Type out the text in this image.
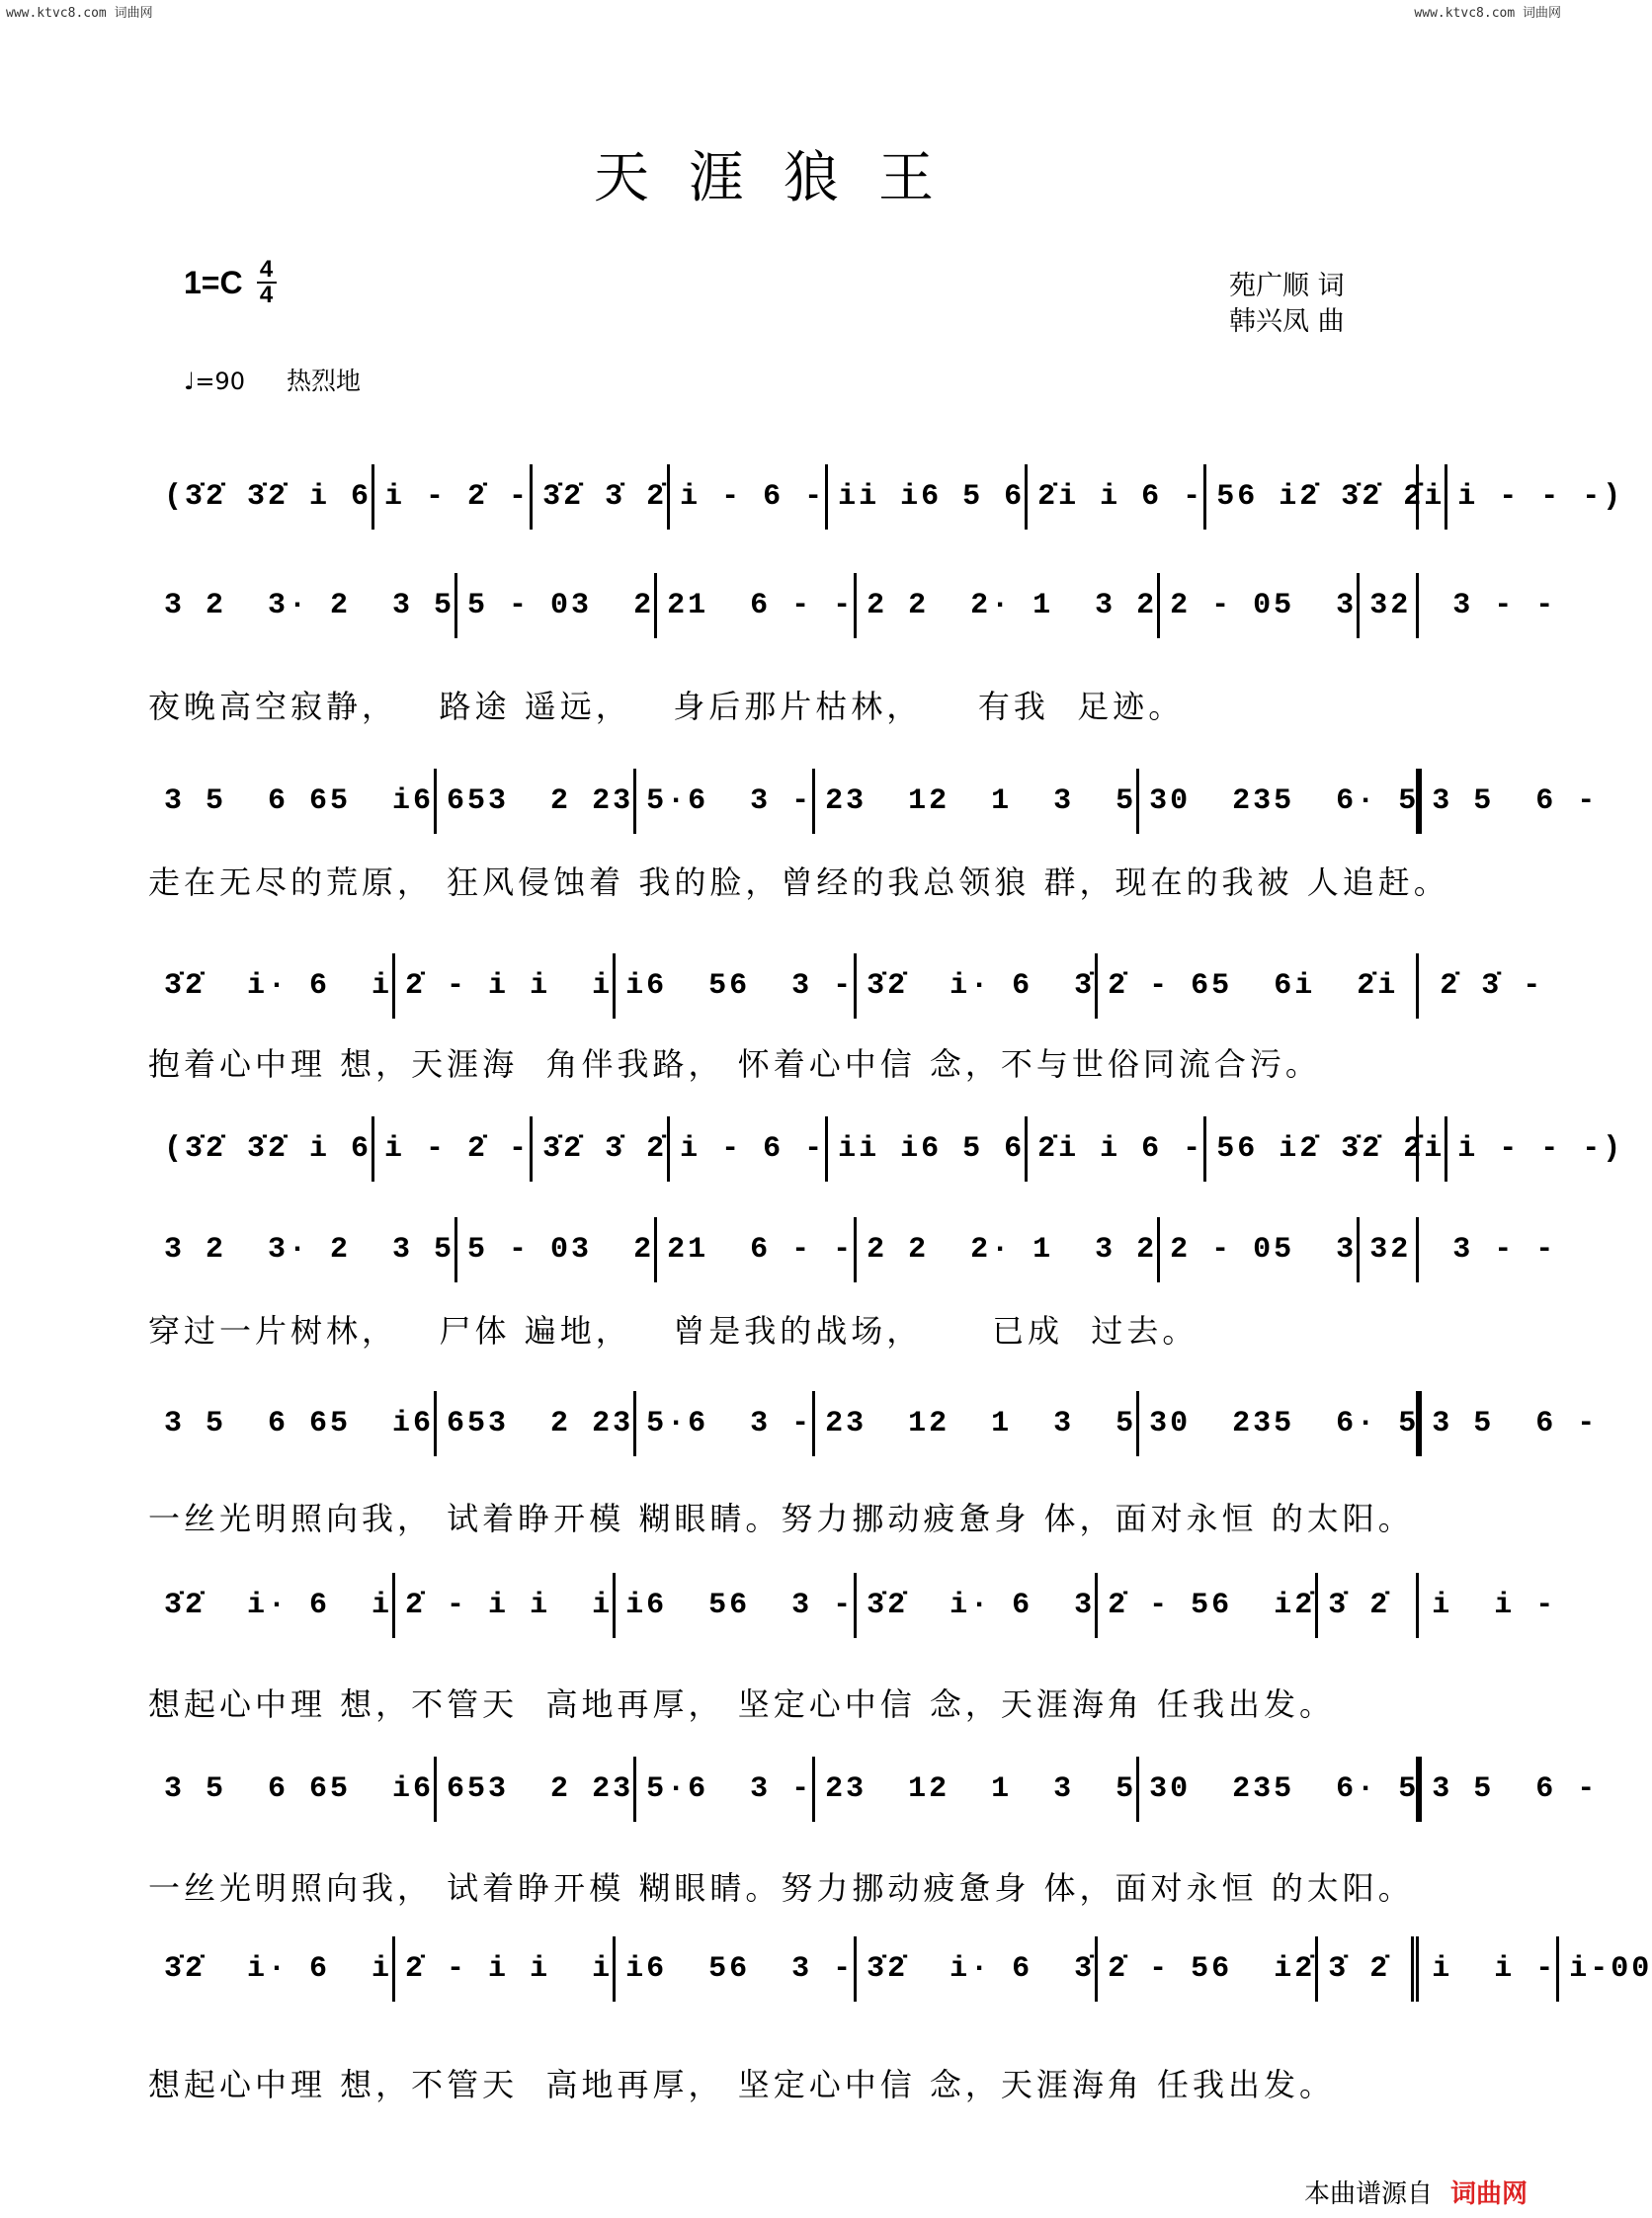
www.ktvc8.com 词曲网	www.ktvc8.com 词曲网
天涯狼王
1=C 4
4	苑广顺 词
韩兴凤 曲
♩=90 热烈地
(3̇2̇ 3̇2̇ i 6 i - 2̇ - 3̇2̇ 3̇ 2̇ i - 6 - ii i6 5 6 2̇i i 6 - 56 i2̇ 3̇2̇ 2̇i i - - -)
3 2  3· 2  3 5 5 - 03  2 21  6 - - 2 2  2· 1  3 2 2 - 05  3 32  3 - -
夜晚高空寂静，   路途 遥远，   身后那片枯林，    有我  足迹。
3 5  6 65  i6 653  2 23 5·6  3 - 23  12  1  3  5 30  235  6· 5 3 5  6 -
走在无尽的荒原， 狂风侵蚀着 我的脸，曾经的我总领狼 群，现在的我被 人追赶。
3̇2̇  i· 6  i 2̇ - i i  i i6  56  3 - 3̇2̇  i· 6  3̇ 2̇ - 65  6i  2̇i  2̇ 3̇ -
抱着心中理 想，天涯海  角伴我路， 怀着心中信 念，不与世俗同流合污。
(3̇2̇ 3̇2̇ i 6 i - 2̇ - 3̇2̇ 3̇ 2̇ i - 6 - ii i6 5 6 2̇i i 6 - 56 i2̇ 3̇2̇ 2̇i i - - -)
3 2  3· 2  3 5 5 - 03  2 21  6 - - 2 2  2· 1  3 2 2 - 05  3 32  3 - -
穿过一片树林，   尸体 遍地，   曾是我的战场，     已成  过去。
3 5  6 65  i6 653  2 23 5·6  3 - 23  12  1  3  5 30  235  6· 5 3 5  6 -
一丝光明照向我， 试着睁开模 糊眼睛。努力挪动疲惫身 体，面对永恒 的太阳。
3̇2̇  i· 6  i 2̇ - i i  i i6  56  3 - 3̇2̇  i· 6  3 2̇ - 56  i2̇ 3̇ 2̇  i  i -
想起心中理 想，不管天  高地再厚， 坚定心中信 念，天涯海角 任我出发。
3 5  6 65  i6 653  2 23 5·6  3 - 23  12  1  3  5 30  235  6· 5 3 5  6 -
一丝光明照向我， 试着睁开模 糊眼睛。努力挪动疲惫身 体，面对永恒 的太阳。
3̇2̇  i· 6  i 2̇ - i i  i i6  56  3 - 3̇2̇  i· 6  3̇ 2̇ - 56  i2̇ 3̇ 2̇  i  i - i-00
想起心中理 想，不管天  高地再厚， 坚定心中信 念，天涯海角 任我出发。
本曲谱源自 词曲网
